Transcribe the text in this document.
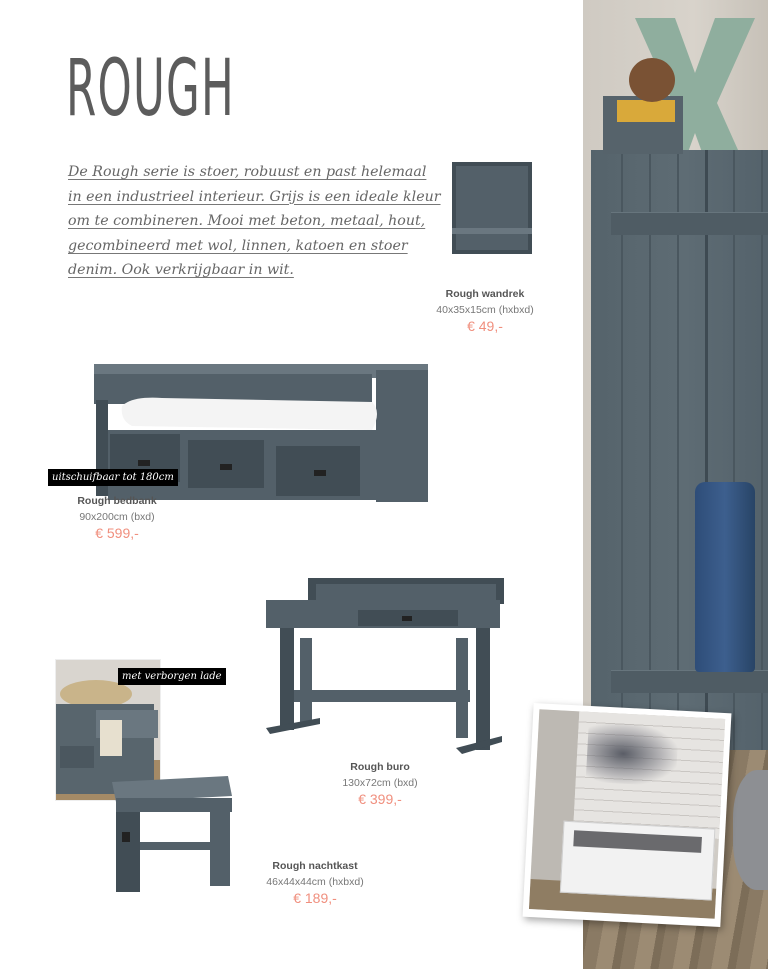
ROUGH
De Rough serie is stoer, robuust en past helemaal
in een industrieel interieur. Grijs is een ideale kleur
om te combineren. Mooi met beton, metaal, hout,
gecombineerd met wol, linnen, katoen en stoer
denim. Ook verkrijgbaar in wit.
Rough wandrek
40x35x15cm (hxbxd)
€ 49,-
uitschuifbaar tot 180cm
Rough bedbank
90x200cm (bxd)
€ 599,-
Rough buro
130x72cm (bxd)
€ 399,-
met verborgen lade
Rough nachtkast
46x44x44cm (hxbxd)
€ 189,-
